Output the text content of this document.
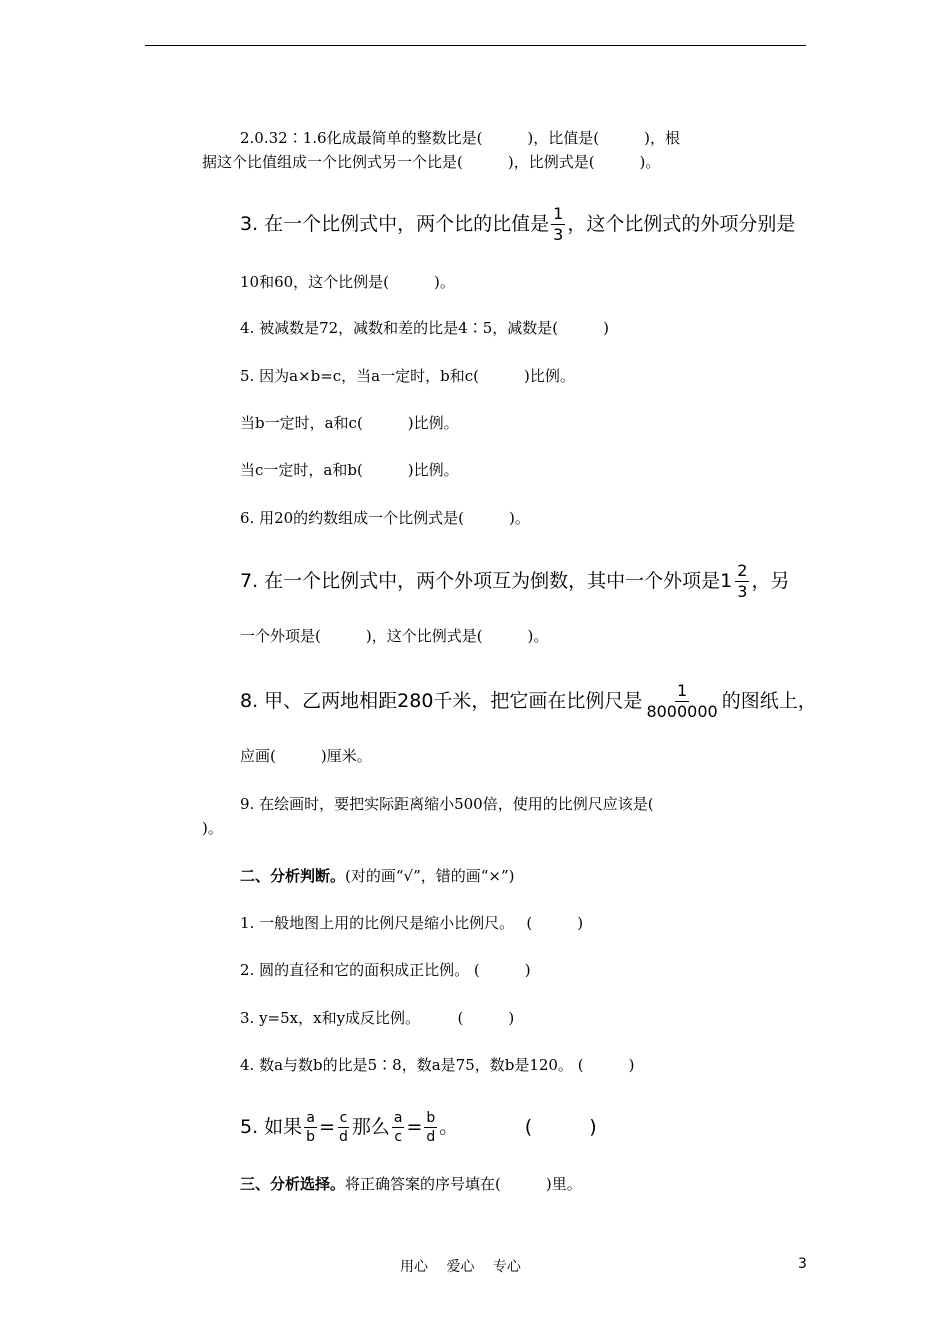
2.0.32∶1.6化成最简单的整数比是(　　　)，比值是(　　　)，根
据这个比值组成一个比例式另一个比是(　　　)，比例式是(　　　)。
3. 在一个比例式中，两个比的比值是 $\frac{1}{3}$ ，这个比例式的外项分别是
10和60，这个比例是(　　　)。
4. 被减数是72，减数和差的比是4∶5，减数是(　　　)
5. 因为a×b=c，当a一定时，b和c(　　　)比例。
当b一定时，a和c(　　　)比例。
当c一定时，a和b(　　　)比例。
6. 用20的约数组成一个比例式是(　　　)。
7. 在一个比例式中，两个外项互为倒数，其中一个外项是$1 \frac{2}{3}$ ，另
一个外项是(　　　)，这个比例式是(　　　)。
8. 甲、乙两地相距280千米，把它画在比例尺是 $\frac{1}{8000000}$ 的图纸上，
应画(　　　)厘米。
9. 在绘画时，要把实际距离缩小500倍，使用的比例尺应该是(
)。
二、分析判断。(对的画“√”，错的画“×”)
1. 一般地图上用的比例尺是缩小比例尺。　 (　　　)
2. 圆的直径和它的面积成正比例。 (　　　)
3. y=5x，x和y成反比例。　　　(　　　)
4. 数a与数b的比是5∶8，数a是75，数b是120。 (　　　)
5. 如果 $\frac{a}{b} = \frac{c}{d}$ 那么 $\frac{a}{c} = \frac{b}{d}$ 。　　　　(　　　)
三、分析选择。将正确答案的序号填在(　　　)里。
用心　 爱心　 专心	3
